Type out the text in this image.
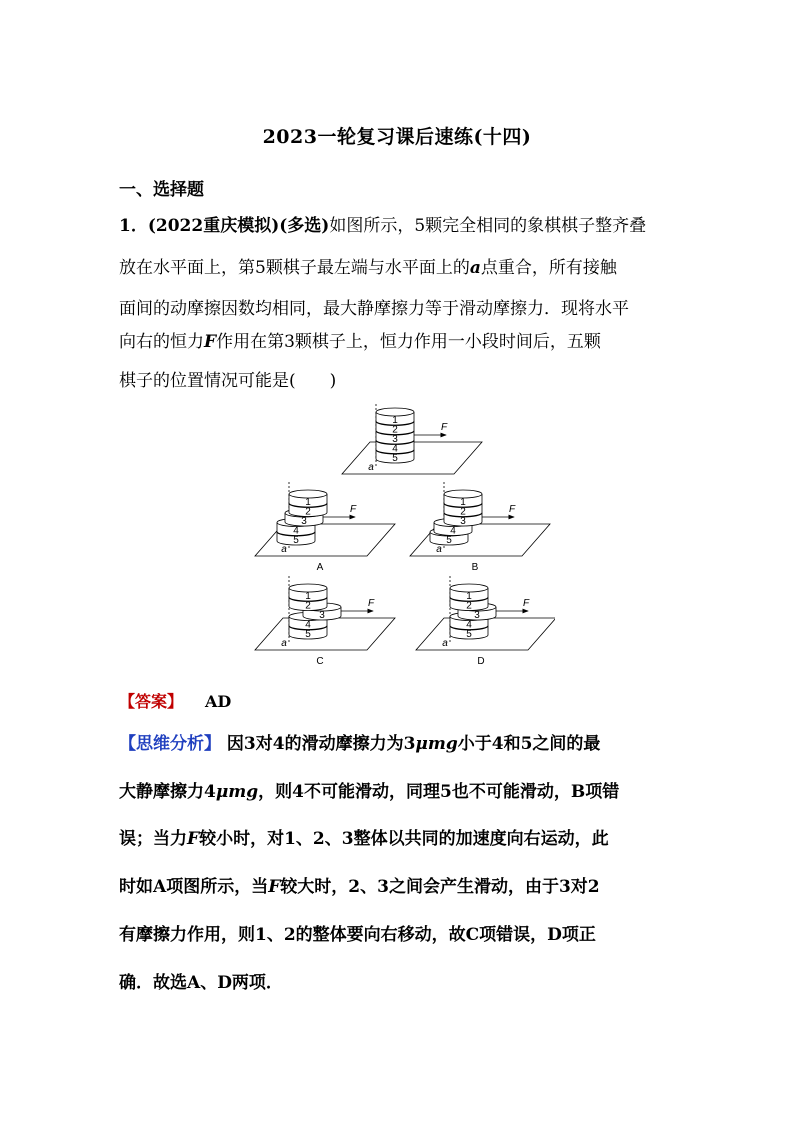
2023一轮复习课后速练(十四)
一、选择题
1．(2022重庆模拟)(多选)如图所示，5颗完全相同的象棋棋子整齐叠
放在水平面上，第5颗棋子最左端与水平面上的a点重合，所有接触
面间的动摩擦因数均相同，最大静摩擦力等于滑动摩擦力．现将水平
向右的恒力F作用在第3颗棋子上，恒力作用一小段时间后，五颗
棋子的位置情况可能是(　　)
a
5
4
3
2
1
F
a
5
4
3
2
1
F
A
a
5
4
3
2
1
F
B
a
5
4
3
2
1
F
C
a
5
4
3
2
1
F
D
【答案】 AD
【思维分析】 因3对4的滑动摩擦力为3μmg小于4和5之间的最
大静摩擦力4μmg，则4不可能滑动，同理5也不可能滑动，B项错
误；当力F较小时，对1、2、3整体以共同的加速度向右运动，此
时如A项图所示，当F较大时，2、3之间会产生滑动，由于3对2
有摩擦力作用，则1、2的整体要向右移动，故C项错误，D项正
确．故选A、D两项．
